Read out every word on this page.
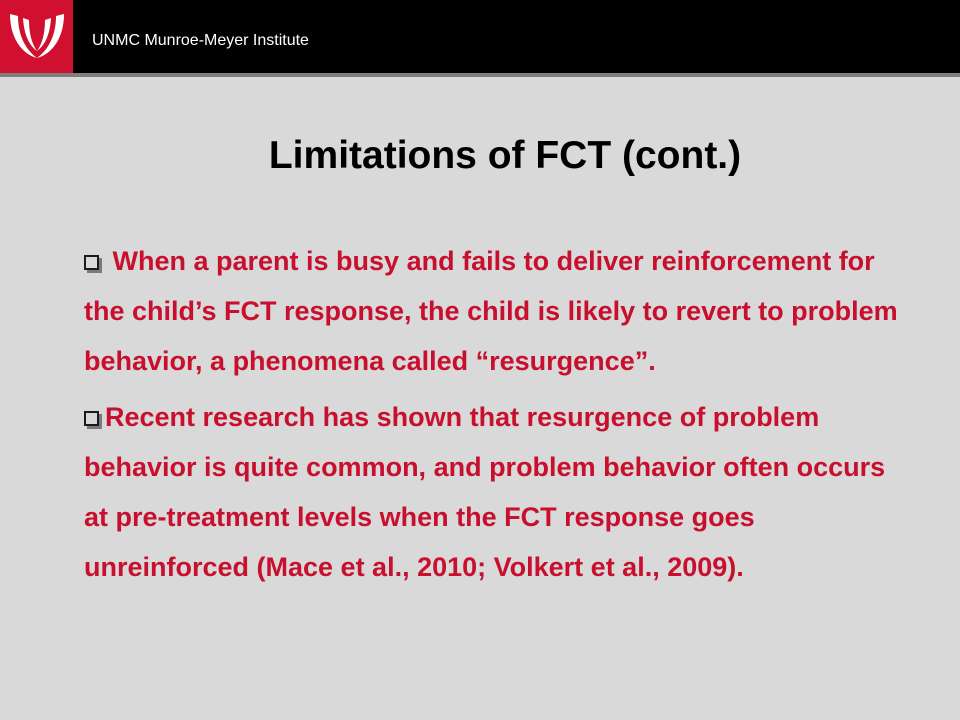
UNMC Munroe-Meyer Institute
Limitations of FCT (cont.)
When a parent is busy and fails to deliver reinforcement for the child’s FCT response, the child is likely to revert to problem behavior, a phenomena called “resurgence”.
Recent research has shown that resurgence of problem behavior is quite common, and problem behavior often occurs at pre-treatment levels when the FCT response goes unreinforced (Mace et al., 2010; Volkert et al., 2009).
